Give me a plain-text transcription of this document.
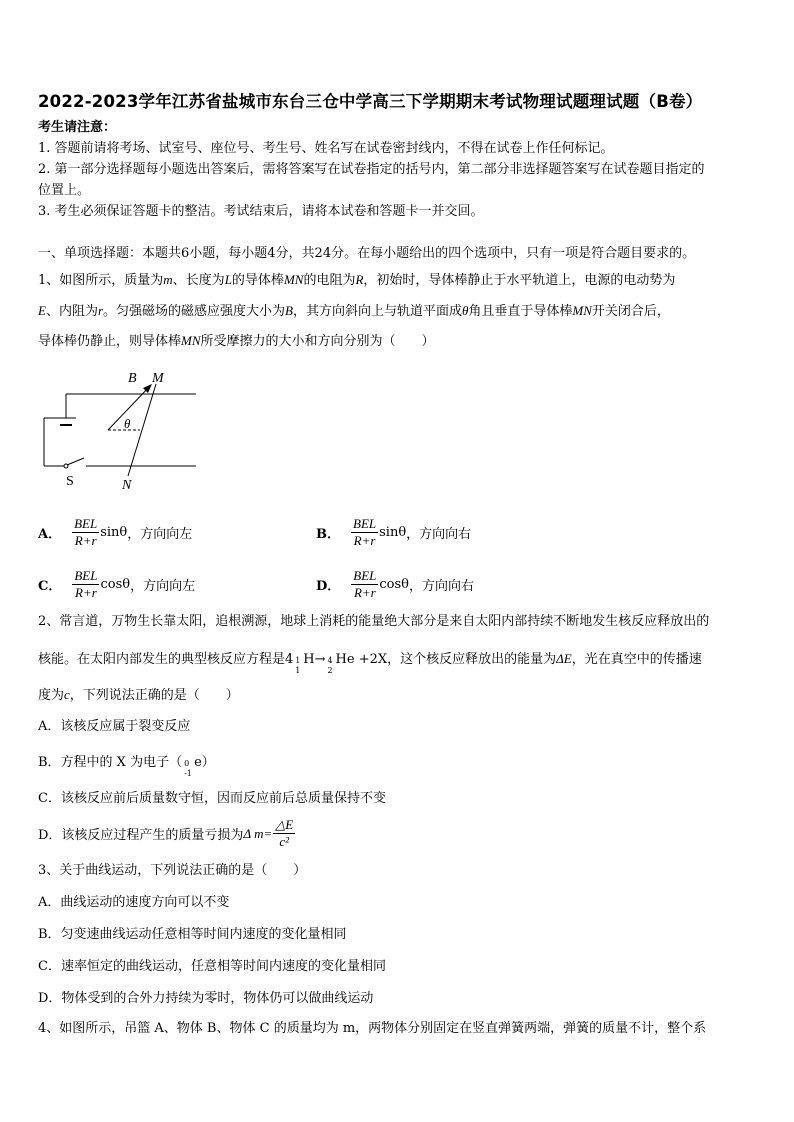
2022-2023学年江苏省盐城市东台三仓中学高三下学期期末考试物理试题理试题（B卷）
考生请注意：
1. 答题前请将考场、试室号、座位号、考生号、姓名写在试卷密封线内，不得在试卷上作任何标记。
2. 第一部分选择题每小题选出答案后，需将答案写在试卷指定的括号内，第二部分非选择题答案写在试卷题目指定的
位置上。
3. 考生必须保证答题卡的整洁。考试结束后，请将本试卷和答题卡一并交回。
一、单项选择题：本题共6小题，每小题4分，共24分。在每小题给出的四个选项中，只有一项是符合题目要求的。
1、如图所示，质量为m、长度为L的导体棒MN的电阻为R，初始时，导体棒静止于水平轨道上，电源的电动势为
E、内阻为r。匀强磁场的磁感应强度大小为B，其方向斜向上与轨道平面成θ角且垂直于导体棒MN开关闭合后，
导体棒仍静止，则导体棒MN所受摩擦力的大小和方向分别为（　　）
θ
B M
S	N
A． $\frac{\text{BEL}}{R+r}$ sinθ ，方向向左	B． $\frac{\text{BEL}}{R+r}$ sinθ ，方向向右
C． $\frac{\text{BEL}}{R+r}$ cosθ ，方向向左	D． $\frac{\text{BEL}}{R+r}$ cosθ ，方向向右
2、常言道，万物生长靠太阳，追根溯源，地球上消耗的能量绝大部分是来自太阳内部持续不断地发生核反应释放出的
核能。在太阳内部发生的典型核反应方程是4 1
1
H→ 4
2
He +2X，这个核反应释放出的能量为ΔE，光在真空中的传播速
度为c，下列说法正确的是（　　）
A．该核反应属于裂变反应
B．方程中的 X 为电子（ 0
-1
e）
C．该核反应前后质量数守恒，因而反应前后总质量保持不变
D．该核反应过程产生的质量亏损为 Δ $m= \frac{\triangle E}{\text{c²}}$
3、关于曲线运动，下列说法正确的是（　　）
A．曲线运动的速度方向可以不变
B．匀变速曲线运动任意相等时间内速度的变化量相同
C．速率恒定的曲线运动，任意相等时间内速度的变化量相同
D．物体受到的合外力持续为零时，物体仍可以做曲线运动
4、如图所示，吊篮 A、物体 B、物体 C 的质量均为 m，两物体分别固定在竖直弹簧两端，弹簧的质量不计，整个系
